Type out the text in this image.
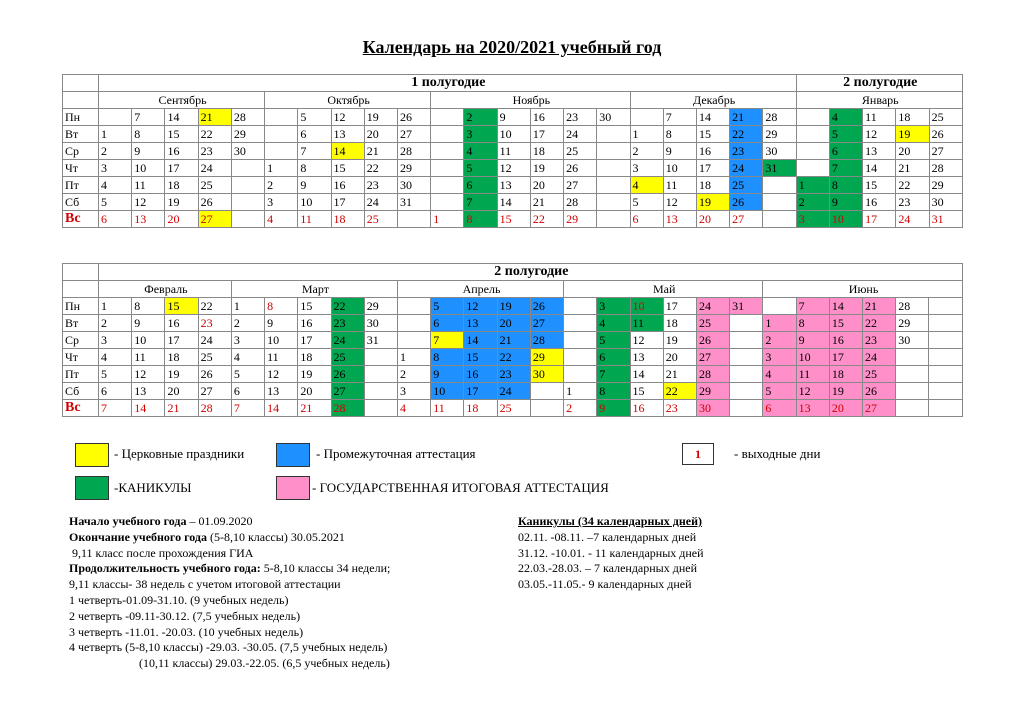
Календарь на 2020/2021 учебный год
	1 полугодие																					2 полугодие				
	Сентябрь					Октябрь					Ноябрь						Декабрь					Январь				
Пн		7	14	21	28		5	12	19	26		2	9	16	23	30		7	14	21	28		4	11	18	25
Вт	1	8	15	22	29		6	13	20	27		3	10	17	24		1	8	15	22	29		5	12	19	26
Ср	2	9	16	23	30		7	14	21	28		4	11	18	25		2	9	16	23	30		6	13	20	27
Чт	3	10	17	24		1	8	15	22	29		5	12	19	26		3	10	17	24	31		7	14	21	28
Пт	4	11	18	25		2	9	16	23	30		6	13	20	27		4	11	18	25		1	8	15	22	29
Сб	5	12	19	26		3	10	17	24	31		7	14	21	28		5	12	19	26		2	9	16	23	30
Вс	6	13	20	27		4	11	18	25		1	8	15	22	29		6	13	20	27		3	10	17	24	31
	2 полугодие																									
	Февраль				Март					Апрель					Май						Июнь					
Пн	1	8	15	22	1	8	15	22	29		5	12	19	26		3	10	17	24	31		7	14	21	28	
Вт	2	9	16	23	2	9	16	23	30		6	13	20	27		4	11	18	25		1	8	15	22	29	
Ср	3	10	17	24	3	10	17	24	31		7	14	21	28		5	12	19	26		2	9	16	23	30	
Чт	4	11	18	25	4	11	18	25		1	8	15	22	29		6	13	20	27		3	10	17	24		
Пт	5	12	19	26	5	12	19	26		2	9	16	23	30		7	14	21	28		4	11	18	25		
Сб	6	13	20	27	6	13	20	27		3	10	17	24		1	8	15	22	29		5	12	19	26		
Вс	7	14	21	28	7	14	21	28		4	11	18	25		2	9	16	23	30		6	13	20	27		
- Церковные праздники	- Промежуточная аттестация	1	- выходные дни
-КАНИКУЛЫ	- ГОСУДАРСТВЕННАЯ ИТОГОВАЯ АТТЕСТАЦИЯ
Начало учебного года – 01.09.2020
Окончание учебного года (5-8,10 классы) 30.05.2021
9,11 класс после прохождения ГИА
Продолжительность учебного года: 5-8,10 классы 34 недели;
9,11 классы- 38 недель с учетом итоговой аттестации
1 четверть-01.09-31.10. (9 учебных недель)
2 четверть -09.11-30.12. (7,5 учебных недель)
3 четверть -11.01. -20.03. (10 учебных недель)
4 четверть (5-8,10 классы) -29.03. -30.05. (7,5 учебных недель)
(10,11 классы) 29.03.-22.05. (6,5 учебных недель)
Каникулы (34 календарных дней)
02.11. -08.11. –7 календарных дней
31.12. -10.01. - 11 календарных дней
22.03.-28.03. – 7 календарных дней
03.05.-11.05.- 9 календарных дней
